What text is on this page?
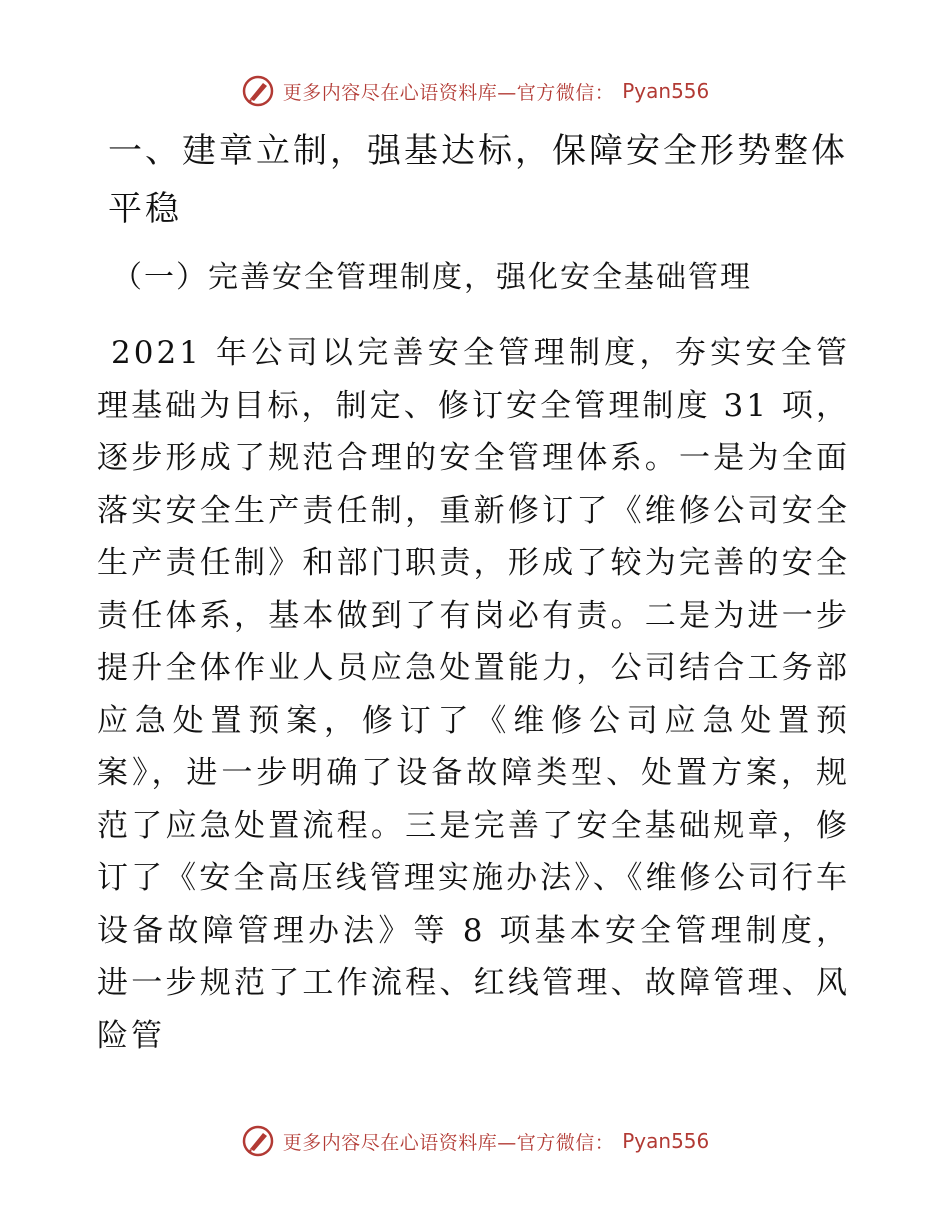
更多内容尽在心语资料库—官方微信： Pyan556
一、建章立制，强基达标，保障安全形势整体平稳
（一）完善安全管理制度，强化安全基础管理
2021 年公司以完善安全管理制度，夯实安全管理基础为目标，制定、修订安全管理制度 31 项，逐步形成了规范合理的安全管理体系。一是为全面落实安全生产责任制，重新修订了《维修公司安全生产责任制》和部门职责，形成了较为完善的安全责任体系，基本做到了有岗必有责。二是为进一步提升全体作业人员应急处置能力，公司结合工务部应急处置预案，修订了《维修公司应急处置预案》，进一步明确了设备故障类型、处置方案，规范了应急处置流程。三是完善了安全基础规章，修订了《安全高压线管理实施办法》、《维修公司行车设备故障管理办法》等 8 项基本安全管理制度，进一步规范了工作流程、红线管理、故障管理、风险管
更多内容尽在心语资料库—官方微信： Pyan556
